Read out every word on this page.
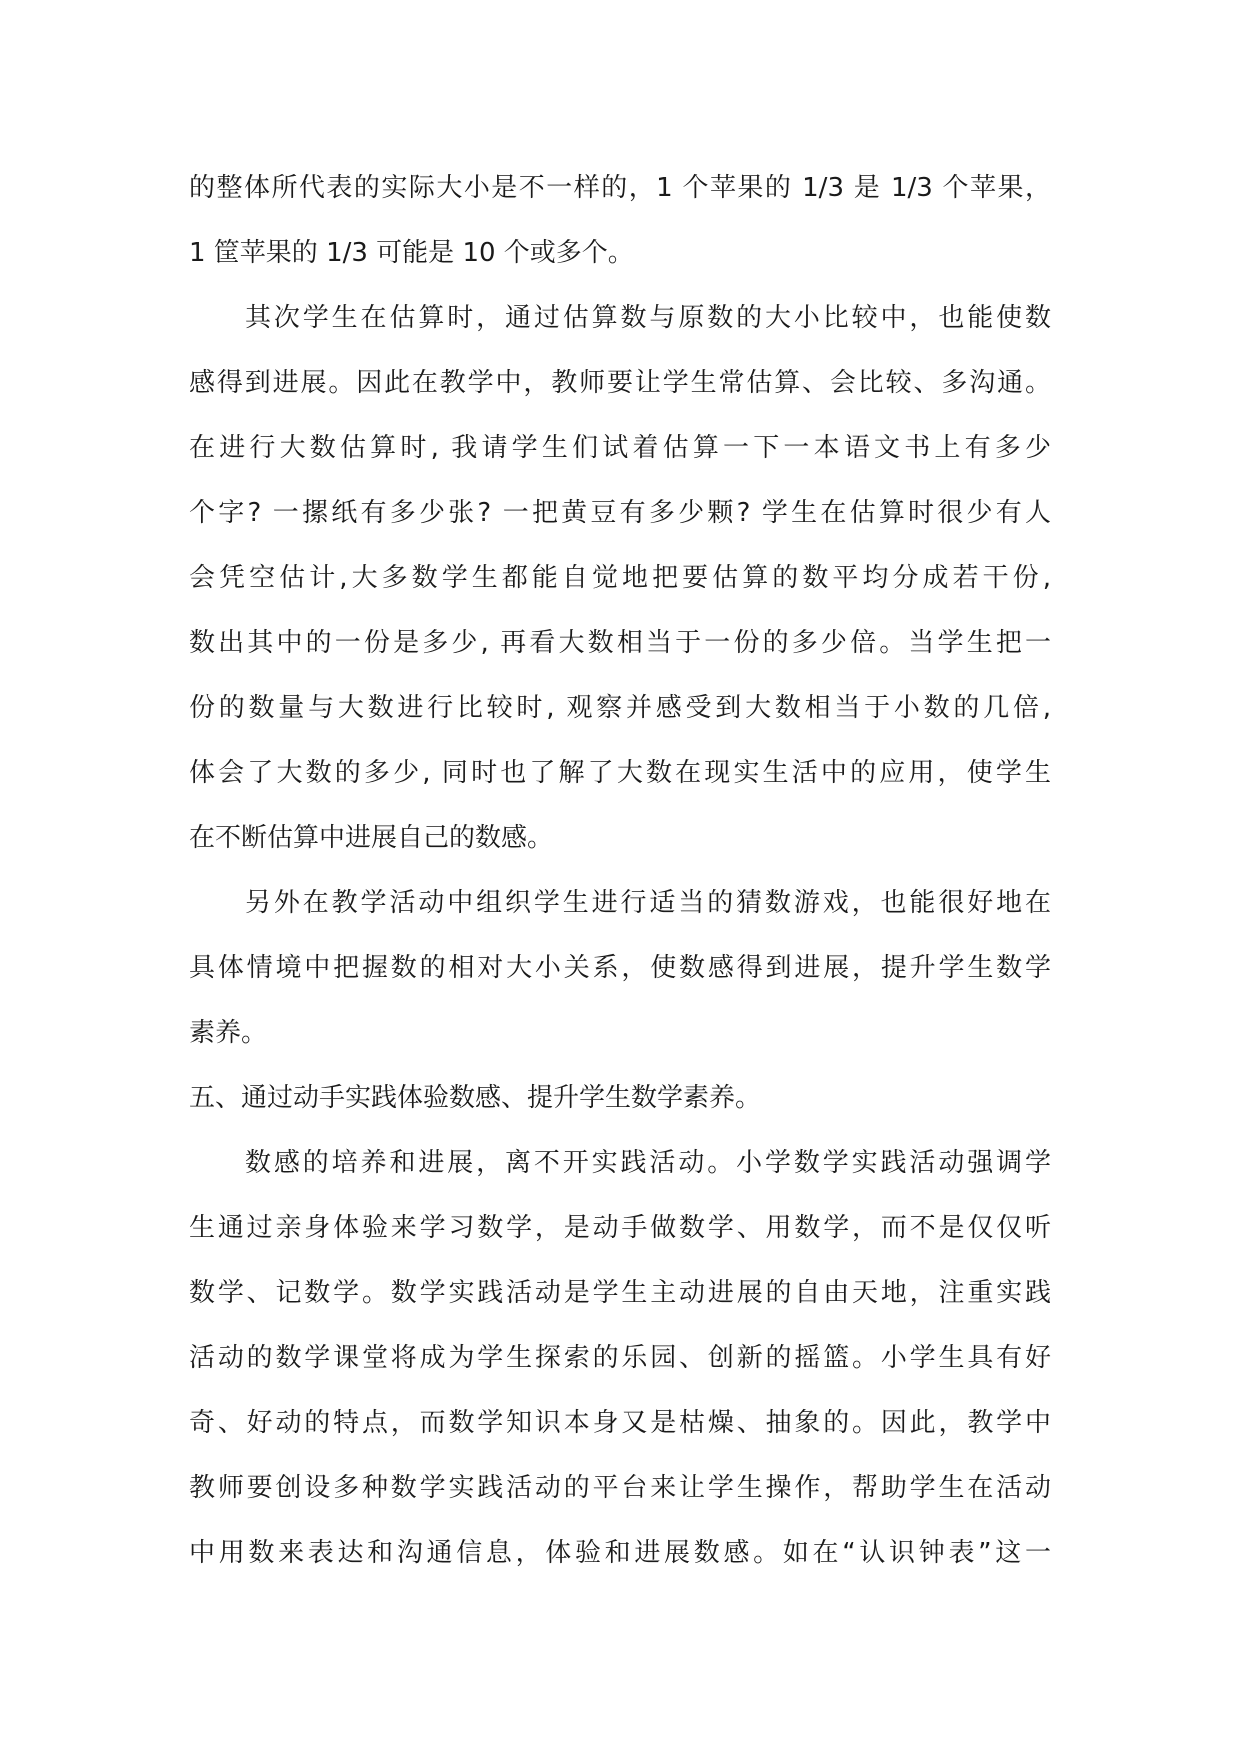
的整体所代表的实际大小是不一样的，1 个苹果的 1/3 是 1/3 个苹果，
1 筐苹果的 1/3 可能是 10 个或多个。
其次学生在估算时，通过估算数与原数的大小比较中，也能使数
感得到进展。因此在教学中，教师要让学生常估算、会比较、多沟通。
在进行大数估算时, 我请学生们试着估算一下一本语文书上有多少
个字? 一摞纸有多少张? 一把黄豆有多少颗? 学生在估算时很少有人
会凭空估计,大多数学生都能自觉地把要估算的数平均分成若干份,
数出其中的一份是多少, 再看大数相当于一份的多少倍。当学生把一
份的数量与大数进行比较时, 观察并感受到大数相当于小数的几倍,
体会了大数的多少, 同时也了解了大数在现实生活中的应用，使学生
在不断估算中进展自己的数感。
另外在教学活动中组织学生进行适当的猜数游戏，也能很好地在
具体情境中把握数的相对大小关系，使数感得到进展，提升学生数学
素养。
五、通过动手实践体验数感、提升学生数学素养。
数感的培养和进展，离不开实践活动。小学数学实践活动强调学
生通过亲身体验来学习数学，是动手做数学、用数学，而不是仅仅听
数学、记数学。数学实践活动是学生主动进展的自由天地，注重实践
活动的数学课堂将成为学生探索的乐园、创新的摇篮。小学生具有好
奇、好动的特点，而数学知识本身又是枯燥、抽象的。因此，教学中
教师要创设多种数学实践活动的平台来让学生操作，帮助学生在活动
中用数来表达和沟通信息，体验和进展数感。如在“认识钟表”这一
